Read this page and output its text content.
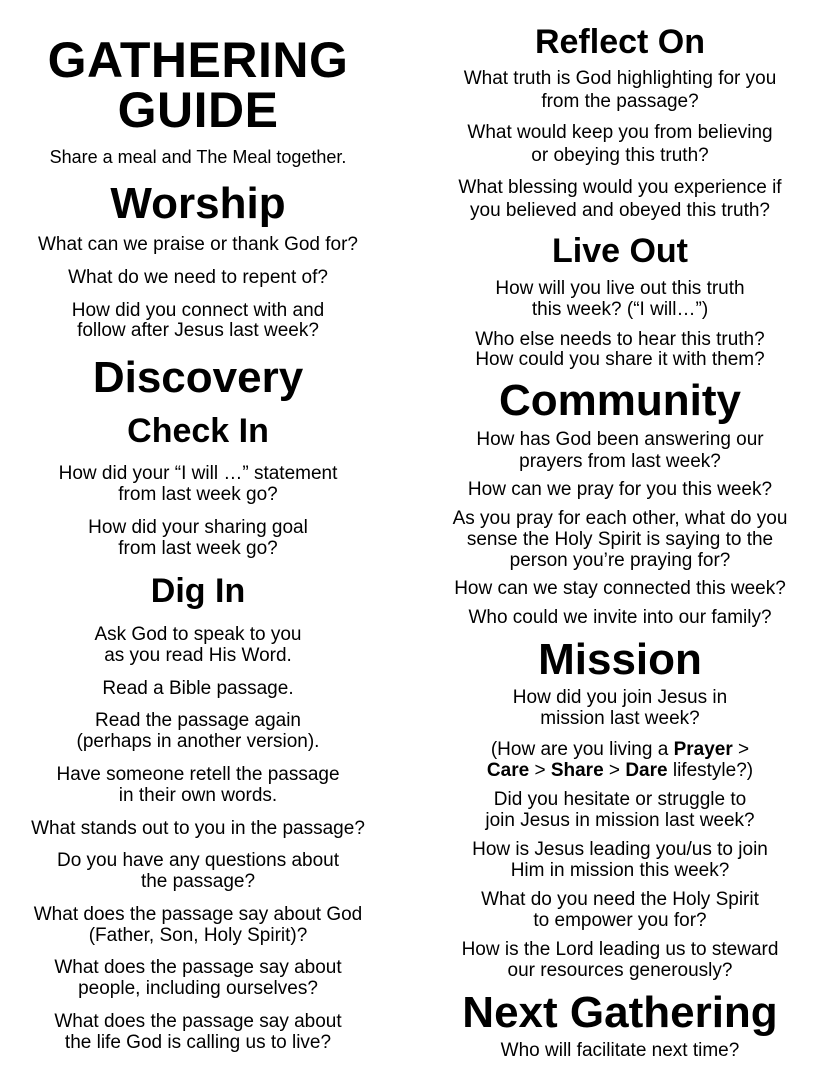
GATHERING
GUIDE
Share a meal and The Meal together.
Worship
What can we praise or thank God for?
What do we need to repent of?
How did you connect with and
follow after Jesus last week?
Discovery
Check In
How did your “I will …” statement
from last week go?
How did your sharing goal
from last week go?
Dig In
Ask God to speak to you
as you read His Word.
Read a Bible passage.
Read the passage again
(perhaps in another version).
Have someone retell the passage
in their own words.
What stands out to you in the passage?
Do you have any questions about
the passage?
What does the passage say about God
(Father, Son, Holy Spirit)?
What does the passage say about
people, including ourselves?
What does the passage say about
the life God is calling us to live?
Reflect On
What truth is God highlighting for you
from the passage?
What would keep you from believing
or obeying this truth?
What blessing would you experience if
you believed and obeyed this truth?
Live Out
How will you live out this truth
this week? (“I will…”)
Who else needs to hear this truth?
How could you share it with them?
Community
How has God been answering our
prayers from last week?
How can we pray for you this week?
As you pray for each other, what do you
sense the Holy Spirit is saying to the
person you’re praying for?
How can we stay connected this week?
Who could we invite into our family?
Mission
How did you join Jesus in
mission last week?
(How are you living a Prayer >
Care > Share > Dare lifestyle?)
Did you hesitate or struggle to
join Jesus in mission last week?
How is Jesus leading you/us to join
Him in mission this week?
What do you need the Holy Spirit
to empower you for?
How is the Lord leading us to steward
our resources generously?
Next Gathering
Who will facilitate next time?
